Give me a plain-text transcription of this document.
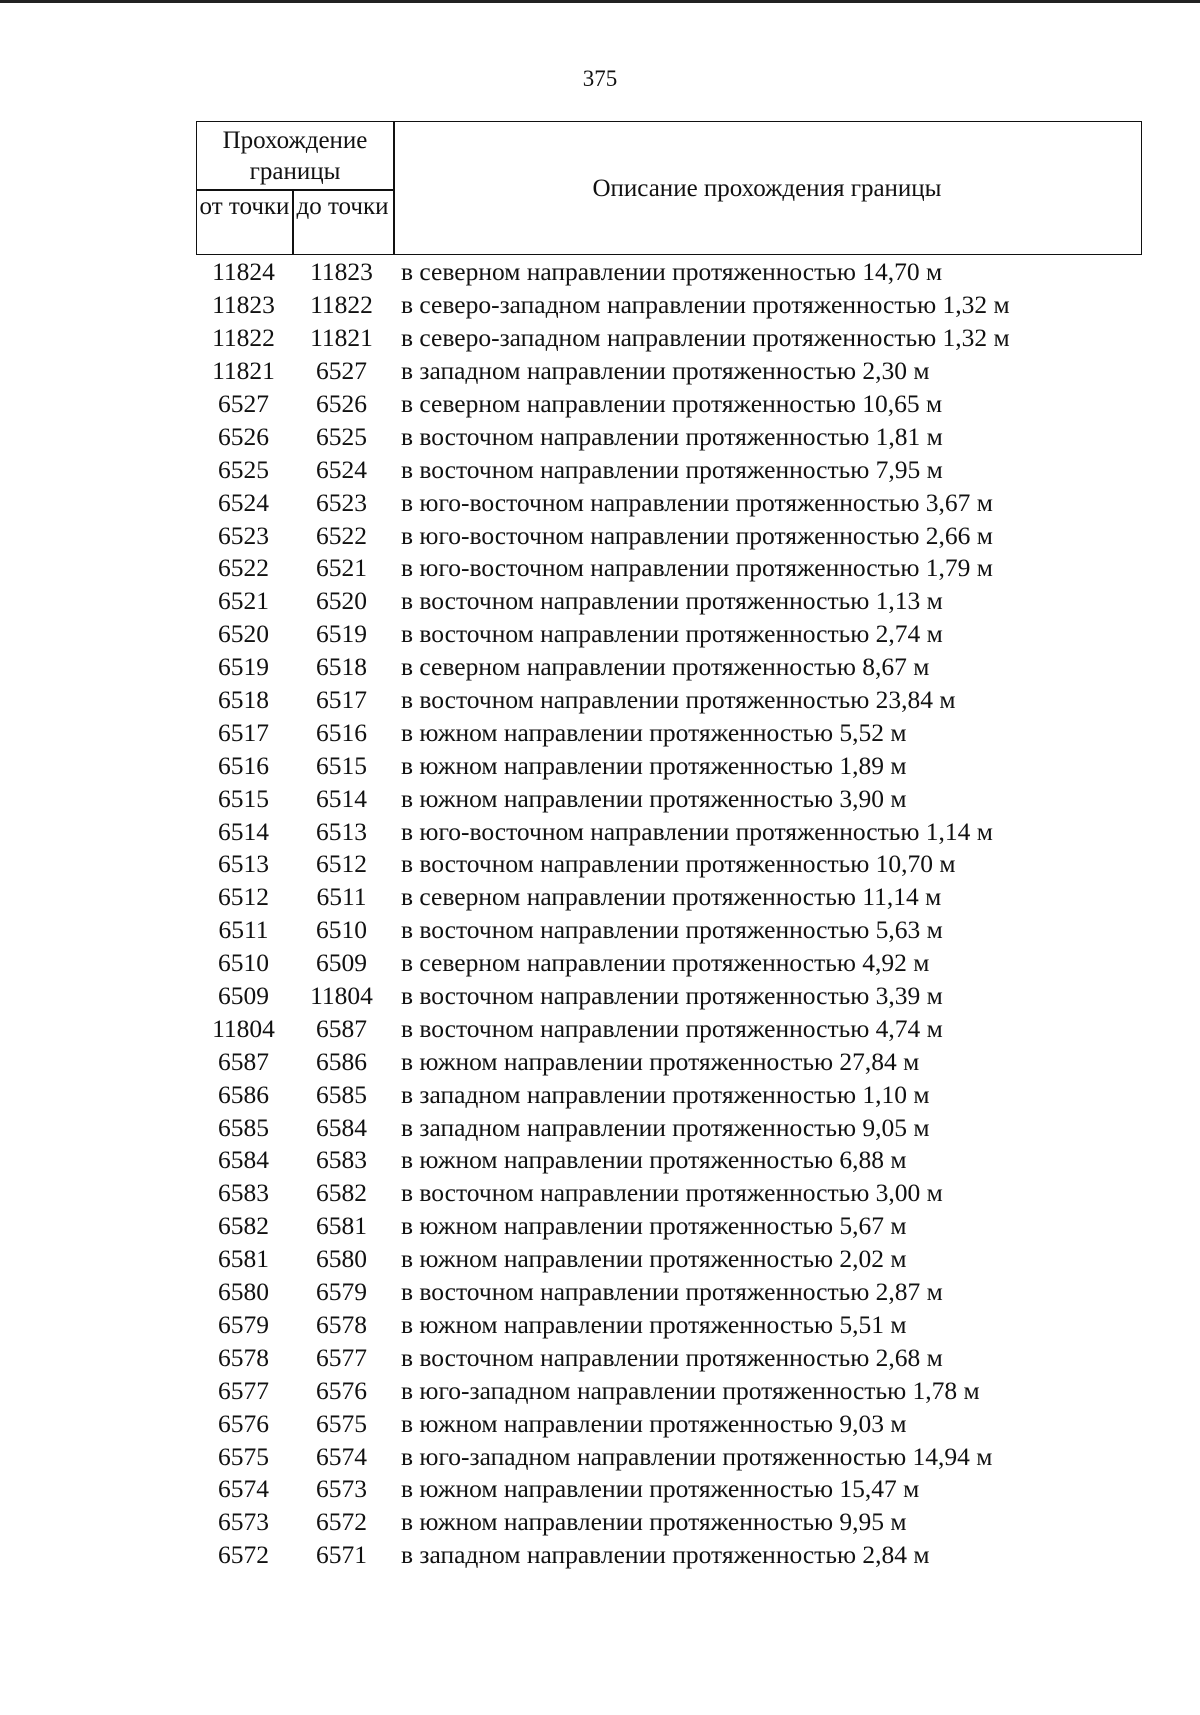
375
Прохождение границы
от точки до точки
Описание прохождения границы
11824	11823	в северном направлении протяженностью 14,70 м
11823	11822	в северо-западном направлении протяженностью 1,32 м
11822	11821	в северо-западном направлении протяженностью 1,32 м
11821	6527	в западном направлении протяженностью 2,30 м
6527	6526	в северном направлении протяженностью 10,65 м
6526	6525	в восточном направлении протяженностью 1,81 м
6525	6524	в восточном направлении протяженностью 7,95 м
6524	6523	в юго-восточном направлении протяженностью 3,67 м
6523	6522	в юго-восточном направлении протяженностью 2,66 м
6522	6521	в юго-восточном направлении протяженностью 1,79 м
6521	6520	в восточном направлении протяженностью 1,13 м
6520	6519	в восточном направлении протяженностью 2,74 м
6519	6518	в северном направлении протяженностью 8,67 м
6518	6517	в восточном направлении протяженностью 23,84 м
6517	6516	в южном направлении протяженностью 5,52 м
6516	6515	в южном направлении протяженностью 1,89 м
6515	6514	в южном направлении протяженностью 3,90 м
6514	6513	в юго-восточном направлении протяженностью 1,14 м
6513	6512	в восточном направлении протяженностью 10,70 м
6512	6511	в северном направлении протяженностью 11,14 м
6511	6510	в восточном направлении протяженностью 5,63 м
6510	6509	в северном направлении протяженностью 4,92 м
6509	11804	в восточном направлении протяженностью 3,39 м
11804	6587	в восточном направлении протяженностью 4,74 м
6587	6586	в южном направлении протяженностью 27,84 м
6586	6585	в западном направлении протяженностью 1,10 м
6585	6584	в западном направлении протяженностью 9,05 м
6584	6583	в южном направлении протяженностью 6,88 м
6583	6582	в восточном направлении протяженностью 3,00 м
6582	6581	в южном направлении протяженностью 5,67 м
6581	6580	в южном направлении протяженностью 2,02 м
6580	6579	в восточном направлении протяженностью 2,87 м
6579	6578	в южном направлении протяженностью 5,51 м
6578	6577	в восточном направлении протяженностью 2,68 м
6577	6576	в юго-западном направлении протяженностью 1,78 м
6576	6575	в южном направлении протяженностью 9,03 м
6575	6574	в юго-западном направлении протяженностью 14,94 м
6574	6573	в южном направлении протяженностью 15,47 м
6573	6572	в южном направлении протяженностью 9,95 м
6572	6571	в западном направлении протяженностью 2,84 м
